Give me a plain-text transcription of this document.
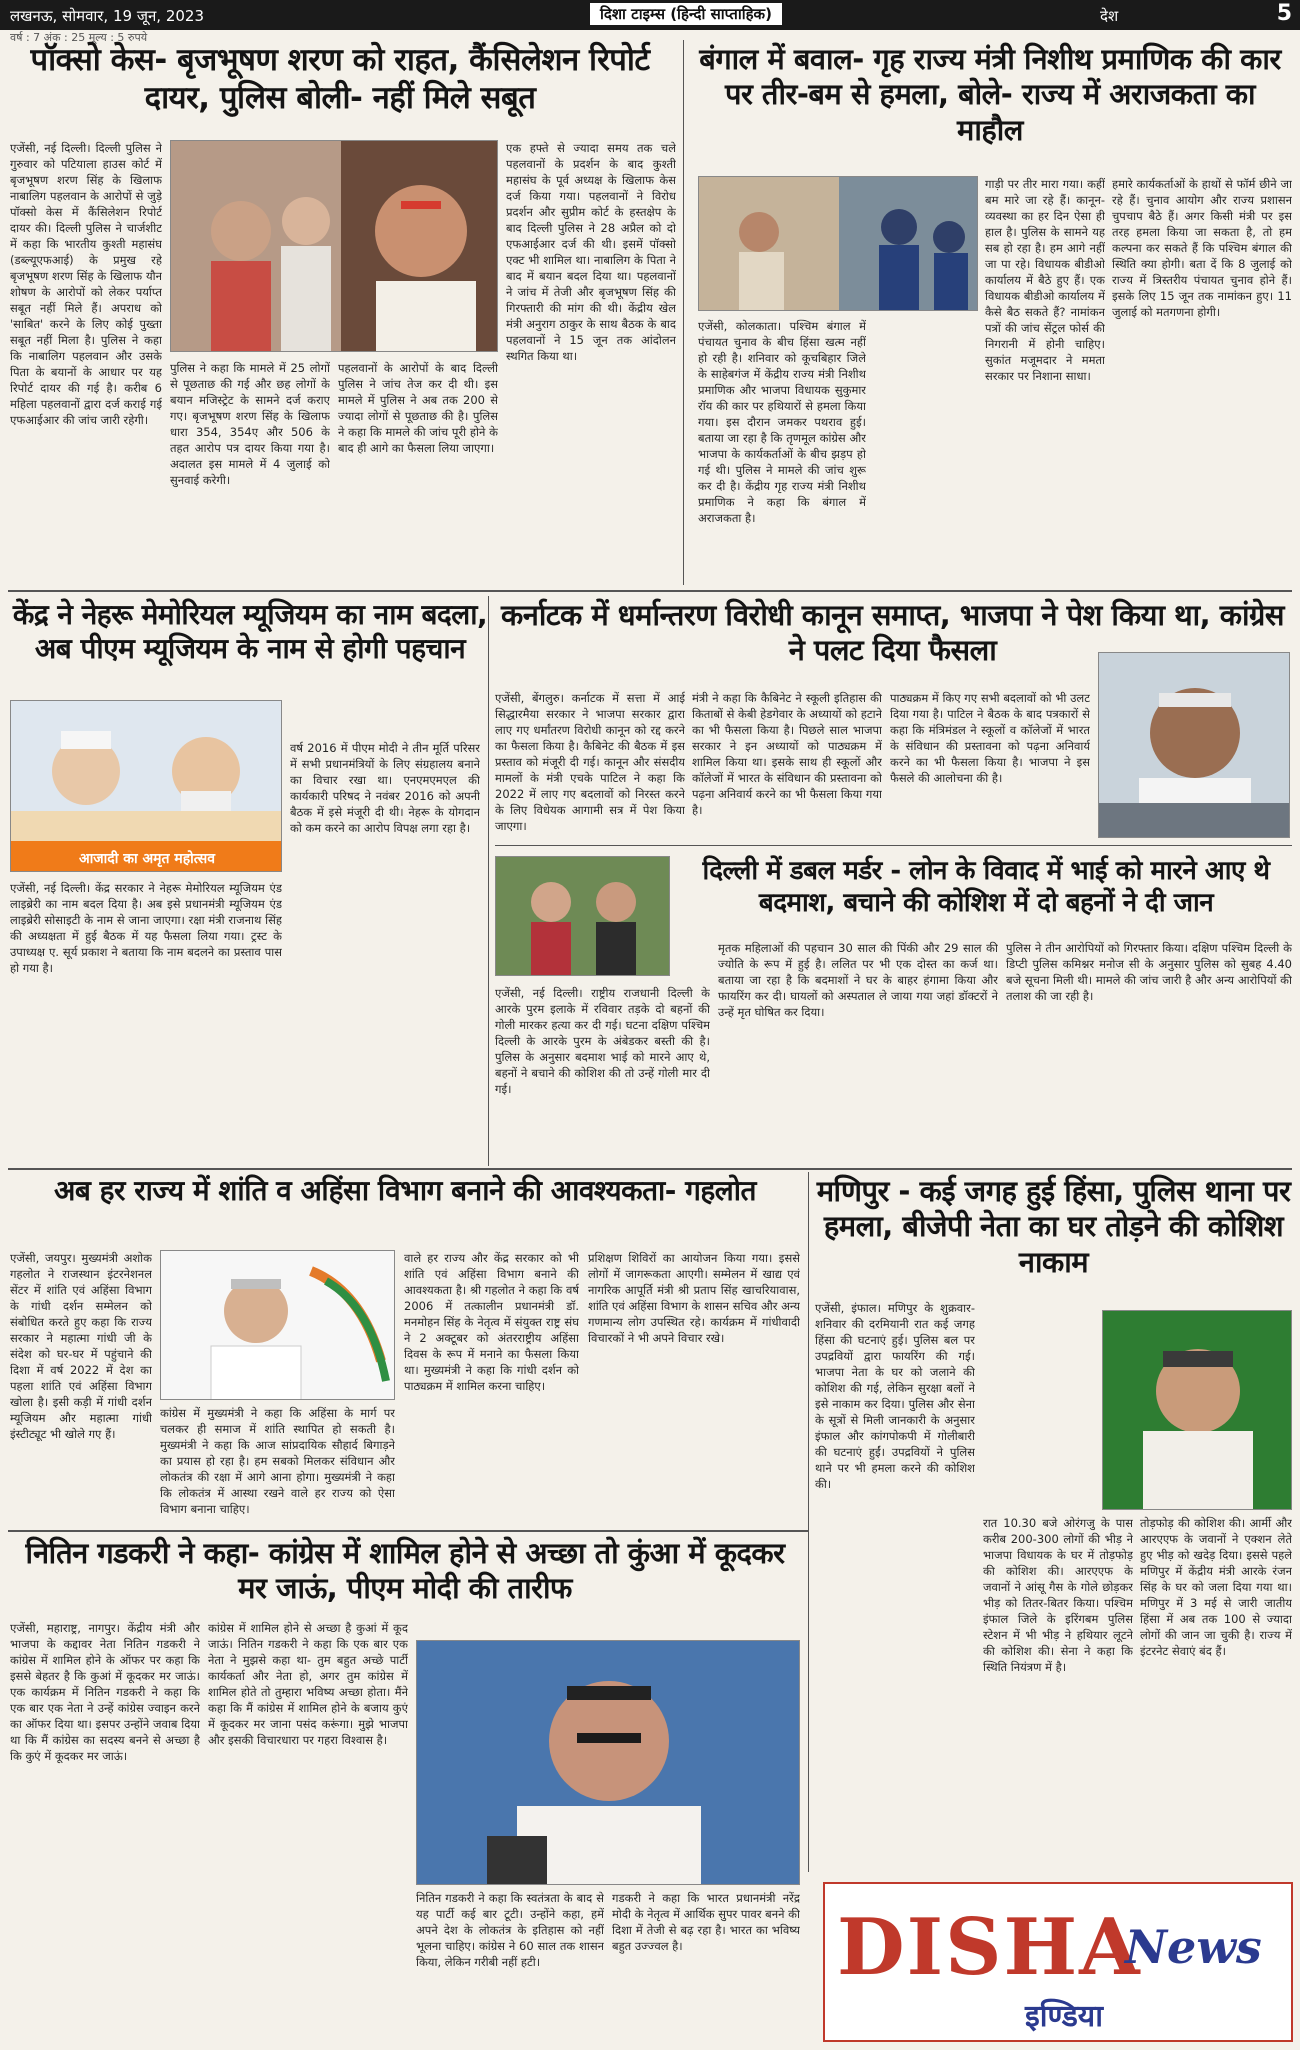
लखनऊ, सोमवार, 19 जून, 2023	दिशा टाइम्स (हिन्दी साप्ताहिक)	देश	5
वर्ष : 7 अंक : 25 मूल्य : 5 रुपये
पॉक्सो केस- बृजभूषण शरण को राहत, कैंसिलेशन रिपोर्ट दायर, पुलिस बोली- नहीं मिले सबूत
एजेंसी, नई दिल्ली। दिल्ली पुलिस ने गुरुवार को पटियाला हाउस कोर्ट में बृजभूषण शरण सिंह के खिलाफ नाबालिग पहलवान के आरोपों से जुड़े पॉक्सो केस में कैंसिलेशन रिपोर्ट दायर की। दिल्ली पुलिस ने चार्जशीट में कहा कि भारतीय कुश्ती महासंघ (डब्ल्यूएफआई) के प्रमुख रहे बृजभूषण शरण सिंह के खिलाफ यौन शोषण के आरोपों को लेकर पर्याप्त सबूत नहीं मिले हैं। अपराध को 'साबित' करने के लिए कोई पुख्ता सबूत नहीं मिला है। पुलिस ने कहा कि नाबालिग पहलवान और उसके पिता के बयानों के आधार पर यह रिपोर्ट दायर की गई है। करीब 6 महिला पहलवानों द्वारा दर्ज कराई गई एफआईआर की जांच जारी रहेगी।
पुलिस ने कहा कि मामले में 25 लोगों से पूछताछ की गई और छह लोगों के बयान मजिस्ट्रेट के सामने दर्ज कराए गए। बृजभूषण शरण सिंह के खिलाफ धारा 354, 354ए और 506 के तहत आरोप पत्र दायर किया गया है। अदालत इस मामले में 4 जुलाई को सुनवाई करेगी।
पहलवानों के आरोपों के बाद दिल्ली पुलिस ने जांच तेज कर दी थी। इस मामले में पुलिस ने अब तक 200 से ज्यादा लोगों से पूछताछ की है। पुलिस ने कहा कि मामले की जांच पूरी होने के बाद ही आगे का फैसला लिया जाएगा।
एक हफ्ते से ज्यादा समय तक चले पहलवानों के प्रदर्शन के बाद कुश्ती महासंघ के पूर्व अध्यक्ष के खिलाफ केस दर्ज किया गया। पहलवानों ने विरोध प्रदर्शन और सुप्रीम कोर्ट के हस्तक्षेप के बाद दिल्ली पुलिस ने 28 अप्रैल को दो एफआईआर दर्ज की थी। इसमें पॉक्सो एक्ट भी शामिल था। नाबालिग के पिता ने बाद में बयान बदल दिया था। पहलवानों ने जांच में तेजी और बृजभूषण सिंह की गिरफ्तारी की मांग की थी। केंद्रीय खेल मंत्री अनुराग ठाकुर के साथ बैठक के बाद पहलवानों ने 15 जून तक आंदोलन स्थगित किया था।
बंगाल में बवाल- गृह राज्य मंत्री निशीथ प्रमाणिक की कार पर तीर-बम से हमला, बोले- राज्य में अराजकता का माहौल
एजेंसी, कोलकाता। पश्चिम बंगाल में पंचायत चुनाव के बीच हिंसा खत्म नहीं हो रही है। शनिवार को कूचबिहार जिले के साहेबगंज में केंद्रीय राज्य मंत्री निशीथ प्रमाणिक और भाजपा विधायक सुकुमार रॉय की कार पर हथियारों से हमला किया गया। इस दौरान जमकर पथराव हुई। बताया जा रहा है कि तृणमूल कांग्रेस और भाजपा के कार्यकर्ताओं के बीच झड़प हो गई थी। पुलिस ने मामले की जांच शुरू कर दी है। केंद्रीय गृह राज्य मंत्री निशीथ प्रमाणिक ने कहा कि बंगाल में अराजकता है।
गाड़ी पर तीर मारा गया। कहीं बम मारे जा रहे हैं। कानून-व्यवस्था का हर दिन ऐसा ही हाल है। पुलिस के सामने यह सब हो रहा है। हम आगे नहीं जा पा रहे। विधायक बीडीओ कार्यालय में बैठे हुए हैं। एक विधायक बीडीओ कार्यालय में कैसे बैठ सकते हैं? नामांकन पत्रों की जांच सेंट्रल फोर्स की निगरानी में होनी चाहिए। सुकांत मजूमदार ने ममता सरकार पर निशाना साधा।
हमारे कार्यकर्ताओं के हाथों से फॉर्म छीने जा रहे हैं। चुनाव आयोग और राज्य प्रशासन चुपचाप बैठे हैं। अगर किसी मंत्री पर इस तरह हमला किया जा सकता है, तो हम कल्पना कर सकते हैं कि पश्चिम बंगाल की स्थिति क्या होगी। बता दें कि 8 जुलाई को राज्य में त्रिस्तरीय पंचायत चुनाव होने हैं। इसके लिए 15 जून तक नामांकन हुए। 11 जुलाई को मतगणना होगी।
केंद्र ने नेहरू मेमोरियल म्यूजियम का नाम बदला, अब पीएम म्यूजियम के नाम से होगी पहचान
आजादी का अमृत महोत्सव
वर्ष 2016 में पीएम मोदी ने तीन मूर्ति परिसर में सभी प्रधानमंत्रियों के लिए संग्रहालय बनाने का विचार रखा था। एनएमएमएल की कार्यकारी परिषद ने नवंबर 2016 को अपनी बैठक में इसे मंजूरी दी थी। नेहरू के योगदान को कम करने का आरोप विपक्ष लगा रहा है।
एजेंसी, नई दिल्ली। केंद्र सरकार ने नेहरू मेमोरियल म्यूजियम एंड लाइब्रेरी का नाम बदल दिया है। अब इसे प्रधानमंत्री म्यूजियम एंड लाइब्रेरी सोसाइटी के नाम से जाना जाएगा। रक्षा मंत्री राजनाथ सिंह की अध्यक्षता में हुई बैठक में यह फैसला लिया गया। ट्रस्ट के उपाध्यक्ष ए. सूर्य प्रकाश ने बताया कि नाम बदलने का प्रस्ताव पास हो गया है।
कर्नाटक में धर्मान्तरण विरोधी कानून समाप्त, भाजपा ने पेश किया था, कांग्रेस ने पलट दिया फैसला
एजेंसी, बेंगलुरु। कर्नाटक में सत्ता में आई सिद्धारमैया सरकार ने भाजपा सरकार द्वारा लाए गए धर्मांतरण विरोधी कानून को रद्द करने का फैसला किया है। कैबिनेट की बैठक में इस प्रस्ताव को मंजूरी दी गई। कानून और संसदीय मामलों के मंत्री एचके पाटिल ने कहा कि 2022 में लाए गए बदलावों को निरस्त करने के लिए विधेयक आगामी सत्र में पेश किया जाएगा।
मंत्री ने कहा कि कैबिनेट ने स्कूली इतिहास की किताबों से केबी हेडगेवार के अध्यायों को हटाने का भी फैसला किया है। पिछले साल भाजपा सरकार ने इन अध्यायों को पाठ्यक्रम में शामिल किया था। इसके साथ ही स्कूलों और कॉलेजों में भारत के संविधान की प्रस्तावना को पढ़ना अनिवार्य करने का भी फैसला किया गया है।
पाठ्यक्रम में किए गए सभी बदलावों को भी उलट दिया गया है। पाटिल ने बैठक के बाद पत्रकारों से कहा कि मंत्रिमंडल ने स्कूलों व कॉलेजों में भारत के संविधान की प्रस्तावना को पढ़ना अनिवार्य करने का भी फैसला किया है। भाजपा ने इस फैसले की आलोचना की है।
दिल्ली में डबल मर्डर - लोन के विवाद में भाई को मारने आए थे बदमाश, बचाने की कोशिश में दो बहनों ने दी जान
एजेंसी, नई दिल्ली। राष्ट्रीय राजधानी दिल्ली के आरके पुरम इलाके में रविवार तड़के दो बहनों की गोली मारकर हत्या कर दी गई। घटना दक्षिण पश्चिम दिल्ली के आरके पुरम के अंबेडकर बस्ती की है। पुलिस के अनुसार बदमाश भाई को मारने आए थे, बहनों ने बचाने की कोशिश की तो उन्हें गोली मार दी गई।
मृतक महिलाओं की पहचान 30 साल की पिंकी और 29 साल की ज्योति के रूप में हुई है। ललित पर भी एक दोस्त का कर्ज था। बताया जा रहा है कि बदमाशों ने घर के बाहर हंगामा किया और फायरिंग कर दी। घायलों को अस्पताल ले जाया गया जहां डॉक्टरों ने उन्हें मृत घोषित कर दिया।
पुलिस ने तीन आरोपियों को गिरफ्तार किया। दक्षिण पश्चिम दिल्ली के डिप्टी पुलिस कमिश्नर मनोज सी के अनुसार पुलिस को सुबह 4.40 बजे सूचना मिली थी। मामले की जांच जारी है और अन्य आरोपियों की तलाश की जा रही है।
अब हर राज्य में शांति व अहिंसा विभाग बनाने की आवश्यकता- गहलोत
एजेंसी, जयपुर। मुख्यमंत्री अशोक गहलोत ने राजस्थान इंटरनेशनल सेंटर में शांति एवं अहिंसा विभाग के गांधी दर्शन सम्मेलन को संबोधित करते हुए कहा कि राज्य सरकार ने महात्मा गांधी जी के संदेश को घर-घर में पहुंचाने की दिशा में वर्ष 2022 में देश का पहला शांति एवं अहिंसा विभाग खोला है। इसी कड़ी में गांधी दर्शन म्यूजियम और महात्मा गांधी इंस्टीट्यूट भी खोले गए हैं।
कांग्रेस में मुख्यमंत्री ने कहा कि अहिंसा के मार्ग पर चलकर ही समाज में शांति स्थापित हो सकती है। मुख्यमंत्री ने कहा कि आज सांप्रदायिक सौहार्द बिगाड़ने का प्रयास हो रहा है। हम सबको मिलकर संविधान और लोकतंत्र की रक्षा में आगे आना होगा। मुख्यमंत्री ने कहा कि लोकतंत्र में आस्था रखने वाले हर राज्य को ऐसा विभाग बनाना चाहिए।
वाले हर राज्य और केंद्र सरकार को भी शांति एवं अहिंसा विभाग बनाने की आवश्यकता है। श्री गहलोत ने कहा कि वर्ष 2006 में तत्कालीन प्रधानमंत्री डॉ. मनमोहन सिंह के नेतृत्व में संयुक्त राष्ट्र संघ ने 2 अक्टूबर को अंतरराष्ट्रीय अहिंसा दिवस के रूप में मनाने का फैसला किया था। मुख्यमंत्री ने कहा कि गांधी दर्शन को पाठ्यक्रम में शामिल करना चाहिए।
प्रशिक्षण शिविरों का आयोजन किया गया। इससे लोगों में जागरूकता आएगी। सम्मेलन में खाद्य एवं नागरिक आपूर्ति मंत्री श्री प्रताप सिंह खाचरियावास, शांति एवं अहिंसा विभाग के शासन सचिव और अन्य गणमान्य लोग उपस्थित रहे। कार्यक्रम में गांधीवादी विचारकों ने भी अपने विचार रखे।
मणिपुर - कई जगह हुई हिंसा, पुलिस थाना पर हमला, बीजेपी नेता का घर तोड़ने की कोशिश नाकाम
एजेंसी, इंफाल। मणिपुर के शुक्रवार-शनिवार की दरमियानी रात कई जगह हिंसा की घटनाएं हुई। पुलिस बल पर उपद्रवियों द्वारा फायरिंग की गई। भाजपा नेता के घर को जलाने की कोशिश की गई, लेकिन सुरक्षा बलों ने इसे नाकाम कर दिया। पुलिस और सेना के सूत्रों से मिली जानकारी के अनुसार इंफाल और कांगपोकपी में गोलीबारी की घटनाएं हुईं। उपद्रवियों ने पुलिस थाने पर भी हमला करने की कोशिश की।
रात 10.30 बजे ओरंगजु के पास करीब 200-300 लोगों की भीड़ ने भाजपा विधायक के घर में तोड़फोड़ की कोशिश की। आरएएफ के जवानों ने आंसू गैस के गोले छोड़कर भीड़ को तितर-बितर किया। पश्चिम इंफाल जिले के इरिंगबम पुलिस स्टेशन में भी भीड़ ने हथियार लूटने की कोशिश की। सेना ने कहा कि स्थिति नियंत्रण में है।
तोड़फोड़ की कोशिश की। आर्मी और आरएएफ के जवानों ने एक्शन लेते हुए भीड़ को खदेड़ दिया। इससे पहले मणिपुर में केंद्रीय मंत्री आरके रंजन सिंह के घर को जला दिया गया था। मणिपुर में 3 मई से जारी जातीय हिंसा में अब तक 100 से ज्यादा लोगों की जान जा चुकी है। राज्य में इंटरनेट सेवाएं बंद हैं।
नितिन गडकरी ने कहा- कांग्रेस में शामिल होने से अच्छा तो कुंआ में कूदकर मर जाऊं, पीएम मोदी की तारीफ
एजेंसी, महाराष्ट्र, नागपुर। केंद्रीय मंत्री और भाजपा के कद्दावर नेता नितिन गडकरी ने कांग्रेस में शामिल होने के ऑफर पर कहा कि इससे बेहतर है कि कुआं में कूदकर मर जाऊं। एक कार्यक्रम में नितिन गडकरी ने कहा कि एक बार एक नेता ने उन्हें कांग्रेस ज्वाइन करने का ऑफर दिया था। इसपर उन्होंने जवाब दिया था कि मैं कांग्रेस का सदस्य बनने से अच्छा है कि कुएं में कूदकर मर जाऊं।
कांग्रेस में शामिल होने से अच्छा है कुआं में कूद जाऊं। नितिन गडकरी ने कहा कि एक बार एक नेता ने मुझसे कहा था- तुम बहुत अच्छे पार्टी कार्यकर्ता और नेता हो, अगर तुम कांग्रेस में शामिल होते तो तुम्हारा भविष्य अच्छा होता। मैंने कहा कि मैं कांग्रेस में शामिल होने के बजाय कुएं में कूदकर मर जाना पसंद करूंगा। मुझे भाजपा और इसकी विचारधारा पर गहरा विश्वास है।
नितिन गडकरी ने कहा कि स्वतंत्रता के बाद से यह पार्टी कई बार टूटी। उन्होंने कहा, हमें अपने देश के लोकतंत्र के इतिहास को नहीं भूलना चाहिए। कांग्रेस ने 60 साल तक शासन किया, लेकिन गरीबी नहीं हटी।
गडकरी ने कहा कि भारत प्रधानमंत्री नरेंद्र मोदी के नेतृत्व में आर्थिक सुपर पावर बनने की दिशा में तेजी से बढ़ रहा है। भारत का भविष्य बहुत उज्ज्वल है।	DISHA
News
इण्डिया
